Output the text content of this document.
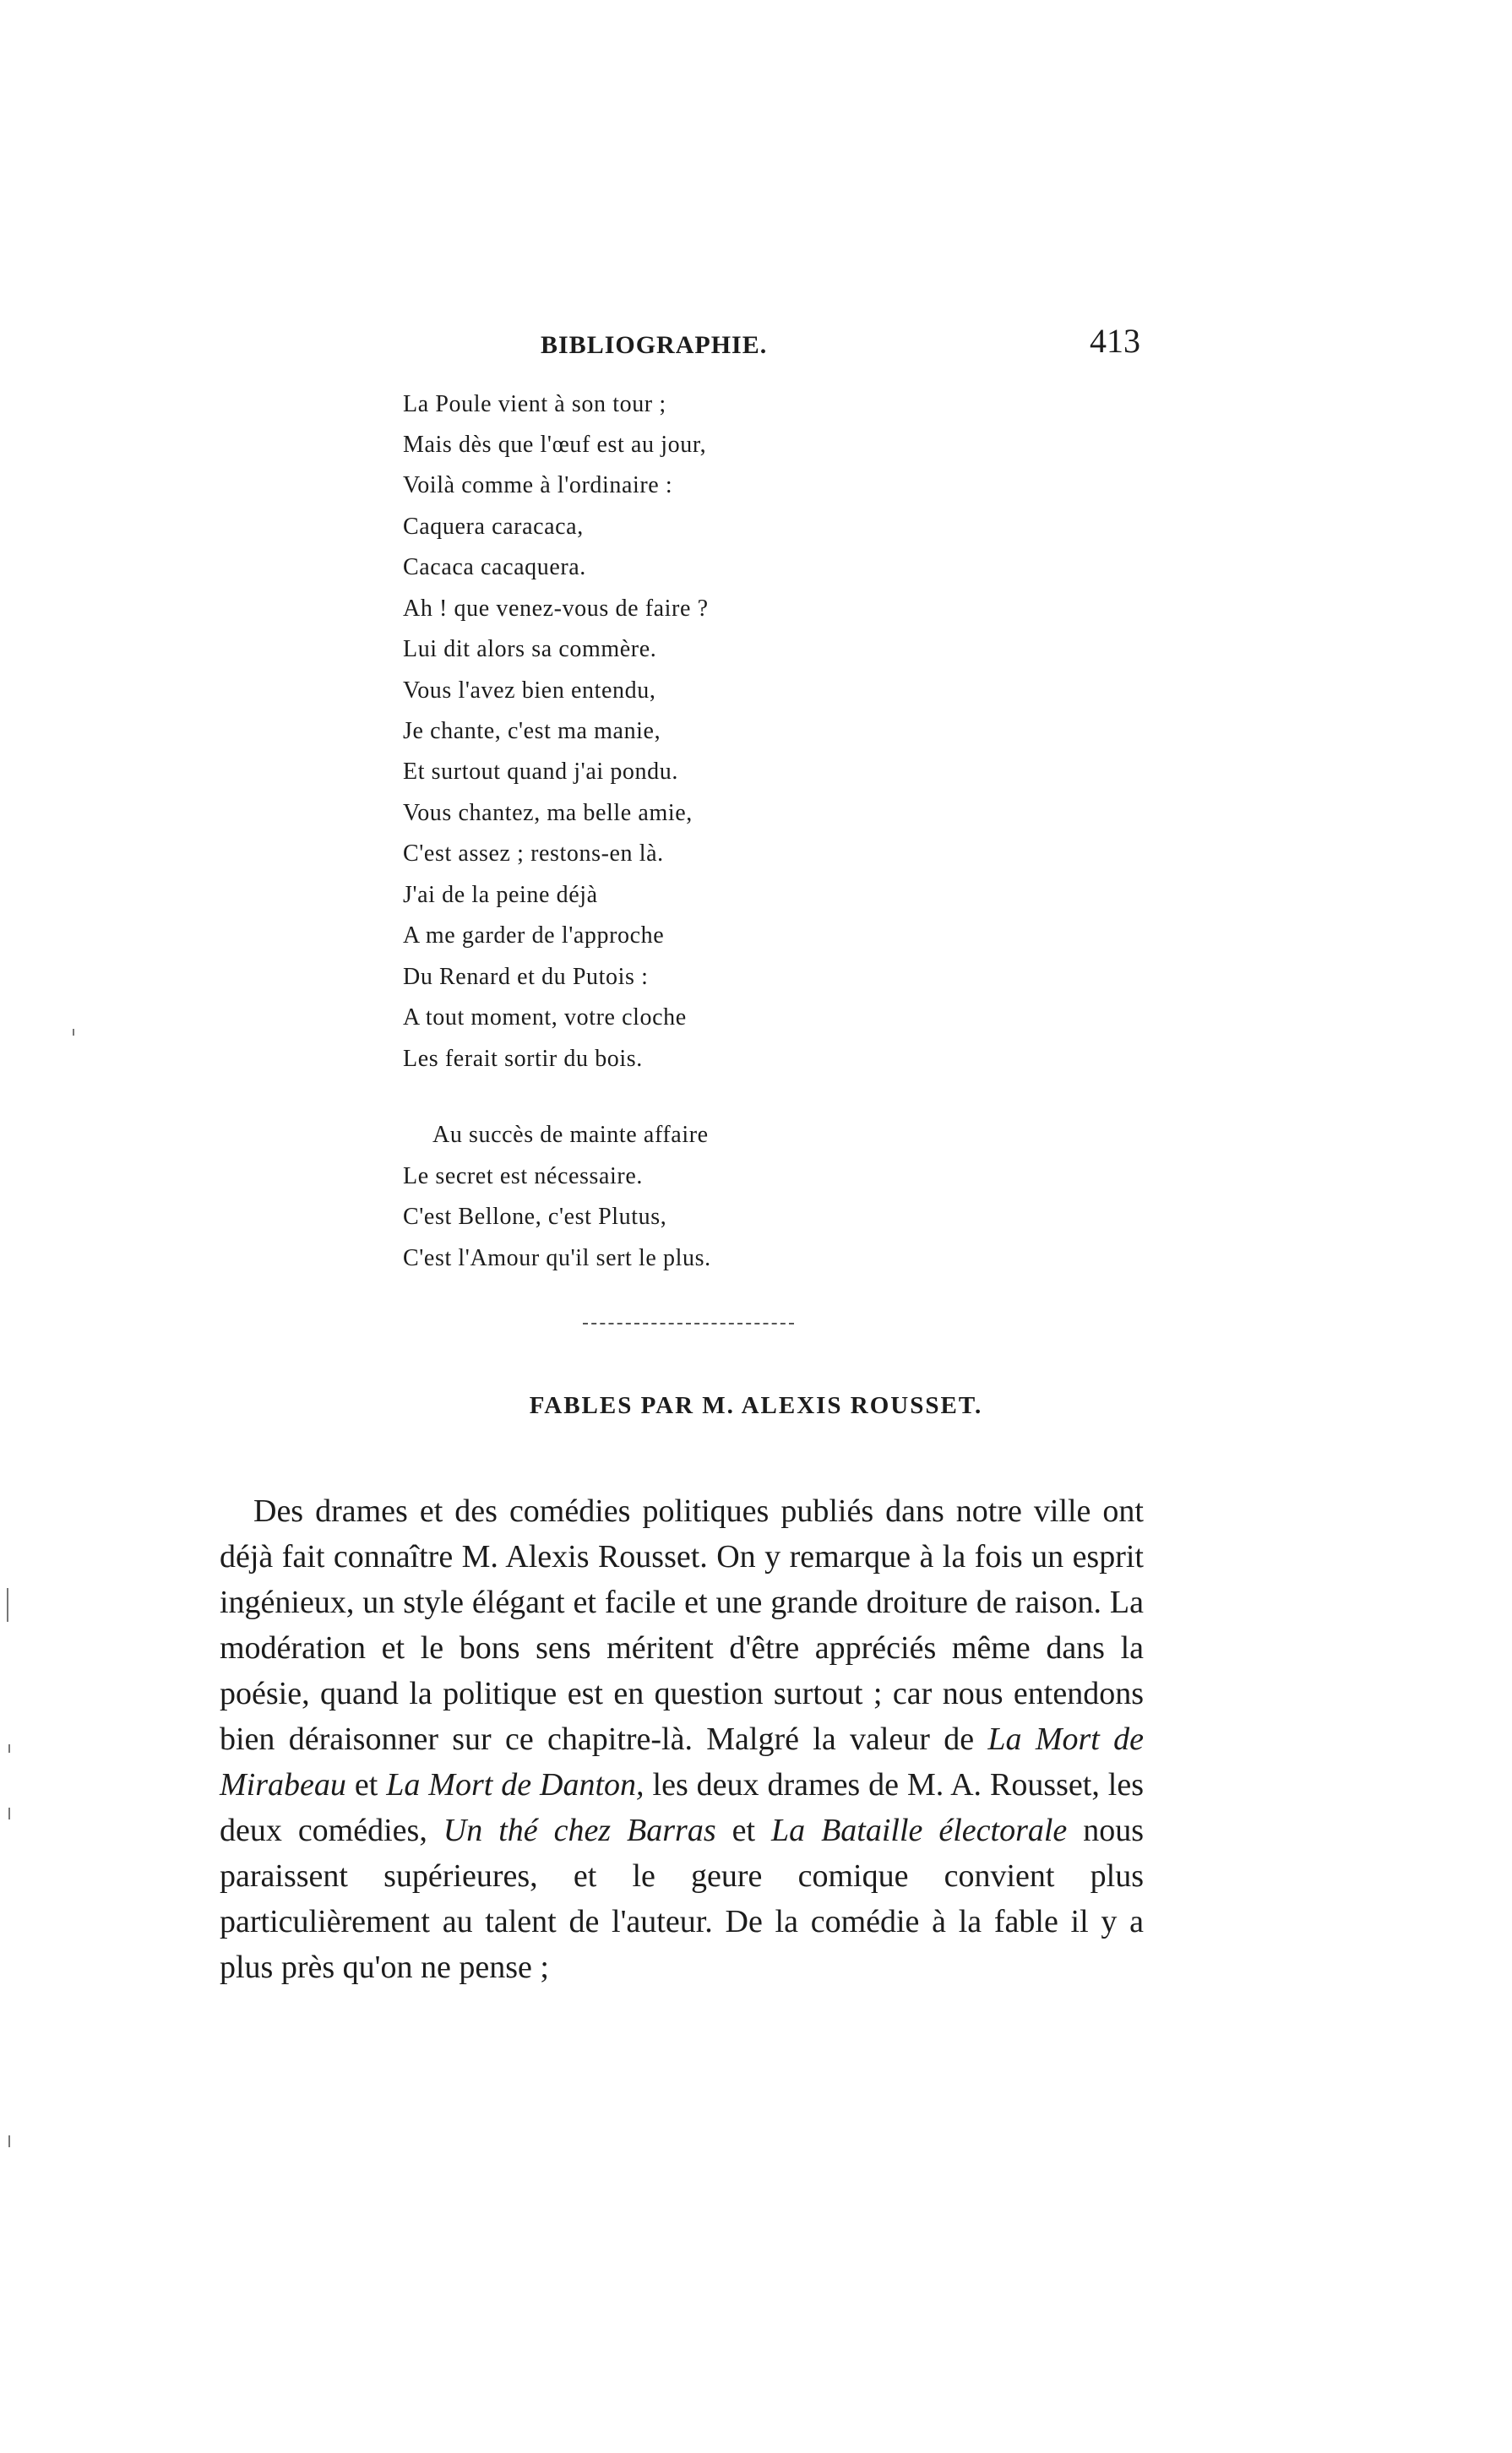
BIBLIOGRAPHIE.	413
La Poule vient à son tour ;
Mais dès que l'œuf est au jour,
Voilà comme à l'ordinaire :
Caquera caracaca,
Cacaca cacaquera.
Ah ! que venez-vous de faire ?
Lui dit alors sa commère.
Vous l'avez bien entendu,
Je chante, c'est ma manie,
Et surtout quand j'ai pondu.
Vous chantez, ma belle amie,
C'est assez ; restons-en là.
J'ai de la peine déjà
A me garder de l'approche
Du Renard et du Putois :
A tout moment, votre cloche
Les ferait sortir du bois.
Au succès de mainte affaire
Le secret est nécessaire.
C'est Bellone, c'est Plutus,
C'est l'Amour qu'il sert le plus.
FABLES PAR M. ALEXIS ROUSSET.

Des drames et des comédies politiques publiés dans notre ville ont déjà fait connaître M. Alexis Rousset. On y remarque à la fois un esprit ingénieux, un style élégant et facile et une grande droiture de raison. La modération et le bons sens méritent d'être appréciés même dans la poésie, quand la politique est en question surtout ; car nous entendons bien déraisonner sur ce chapitre-là. Malgré la valeur de La Mort de Mirabeau et La Mort de Danton, les deux drames de M. A. Rousset, les deux comédies, Un thé chez Barras et La Bataille électorale nous paraissent supérieures, et le geure comique convient plus particulièrement au talent de l'auteur. De la comédie à la fable il y a plus près qu'on ne pense ;
